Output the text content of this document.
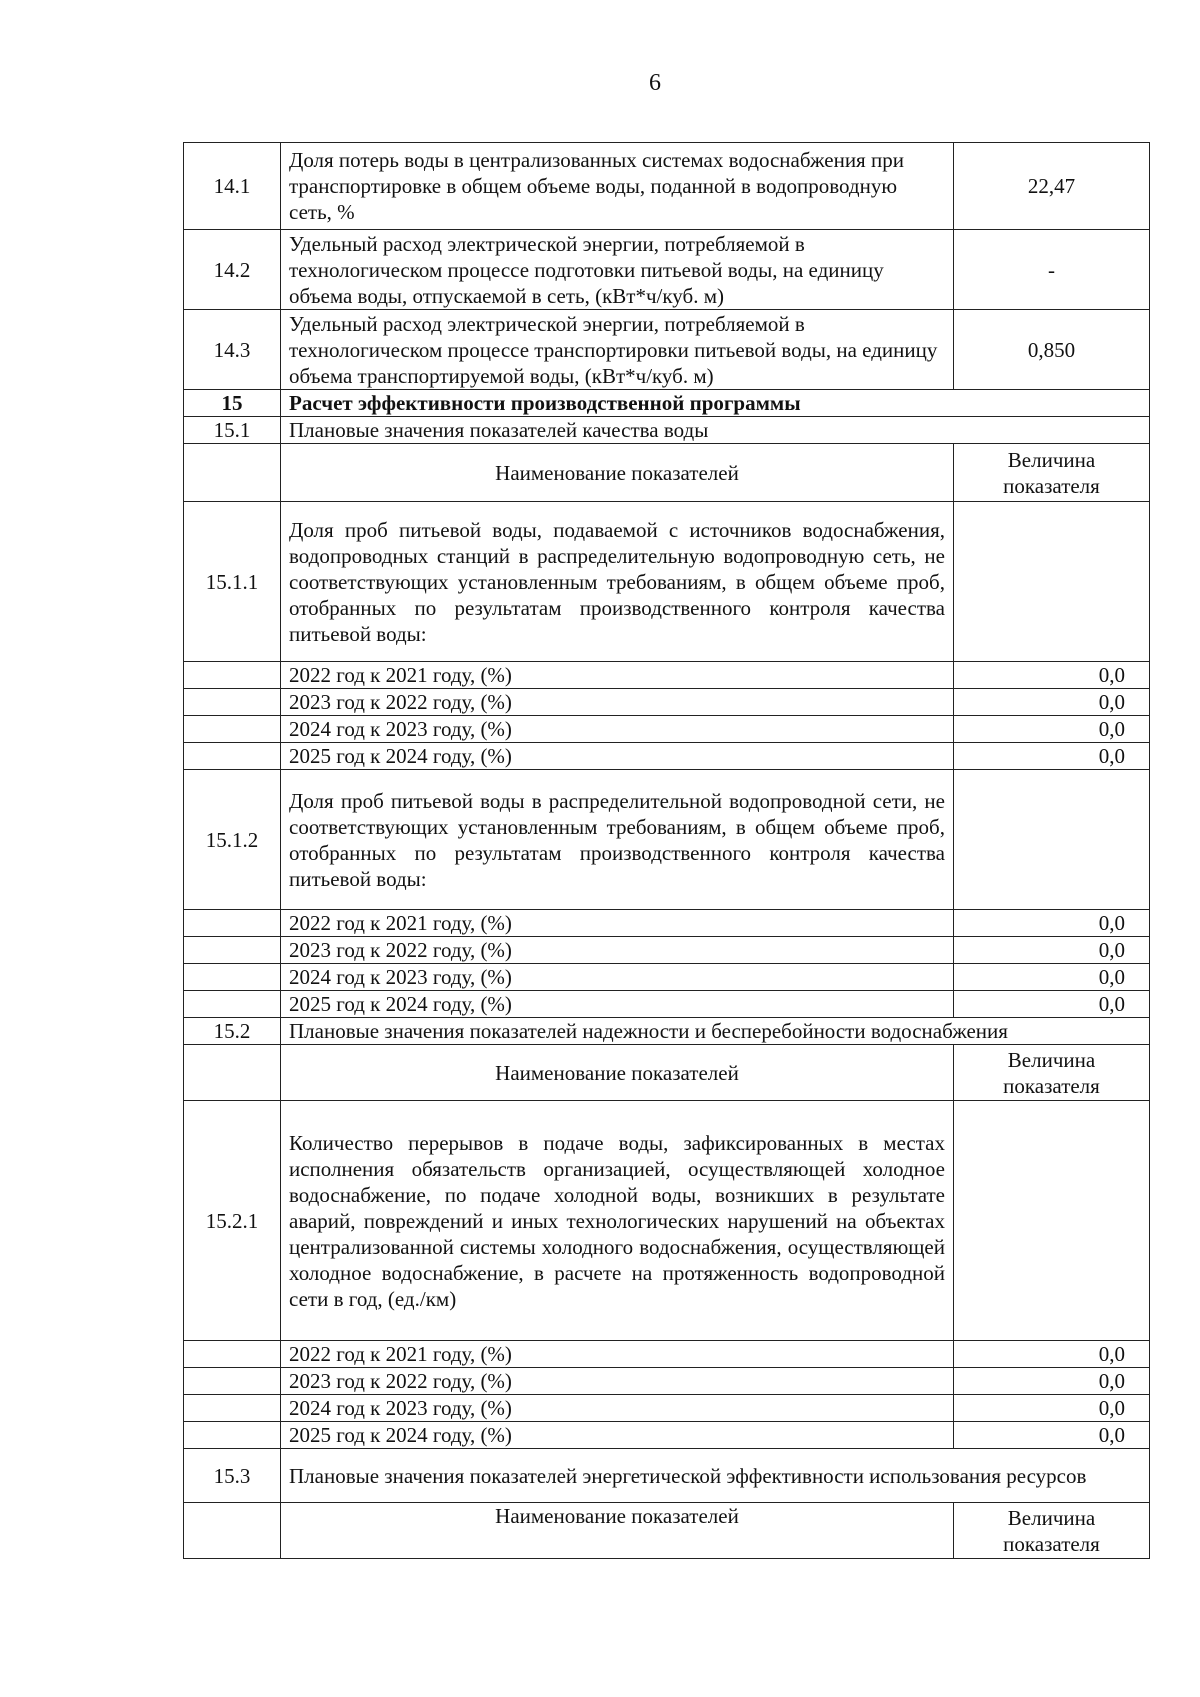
6
14.1	Доля потерь воды в централизованных системах водоснабжения при транспортировке в общем объеме воды, поданной в водопроводную сеть, %	22,47
14.2	Удельный расход электрической энергии, потребляемой в технологическом процессе подготовки питьевой воды, на единицу объема воды, отпускаемой в сеть, (кВт*ч/куб. м)	-
14.3	Удельный расход электрической энергии, потребляемой в технологическом процессе транспортировки питьевой воды, на единицу объема транспортируемой воды, (кВт*ч/куб. м)	0,850
15	Расчет эффективности производственной программы	
15.1	Плановые значения показателей качества воды	
	Наименование показателей	Величина показателя
15.1.1	Доля проб питьевой воды, подаваемой с источников водоснабжения, водопроводных станций в распределительную водопроводную сеть, не соответствующих установленным требованиям, в общем объеме проб, отобранных по результатам производственного контроля качества питьевой воды:	
	2022 год к 2021 году, (%)	0,0
	2023 год к 2022 году, (%)	0,0
	2024 год к 2023 году, (%)	0,0
	2025 год к 2024 году, (%)	0,0
15.1.2	Доля проб питьевой воды в распределительной водопроводной сети, не соответствующих установленным требованиям, в общем объеме проб, отобранных по результатам производственного контроля качества питьевой воды:	
	2022 год к 2021 году, (%)	0,0
	2023 год к 2022 году, (%)	0,0
	2024 год к 2023 году, (%)	0,0
	2025 год к 2024 году, (%)	0,0
15.2	Плановые значения показателей надежности и бесперебойности водоснабжения	
	Наименование показателей	Величина показателя
15.2.1	Количество перерывов в подаче воды, зафиксированных в местах исполнения обязательств организацией, осуществляющей холодное водоснабжение, по подаче холодной воды, возникших в результате аварий, повреждений и иных технологических нарушений на объектах централизованной системы холодного водоснабжения, осуществляющей холодное водоснабжение, в расчете на протяженность водопроводной сети в год, (ед./км)	
	2022 год к 2021 году, (%)	0,0
	2023 год к 2022 году, (%)	0,0
	2024 год к 2023 году, (%)	0,0
	2025 год к 2024 году, (%)	0,0
15.3	Плановые значения показателей энергетической эффективности использования ресурсов	
	Наименование показателей	Величина показателя
